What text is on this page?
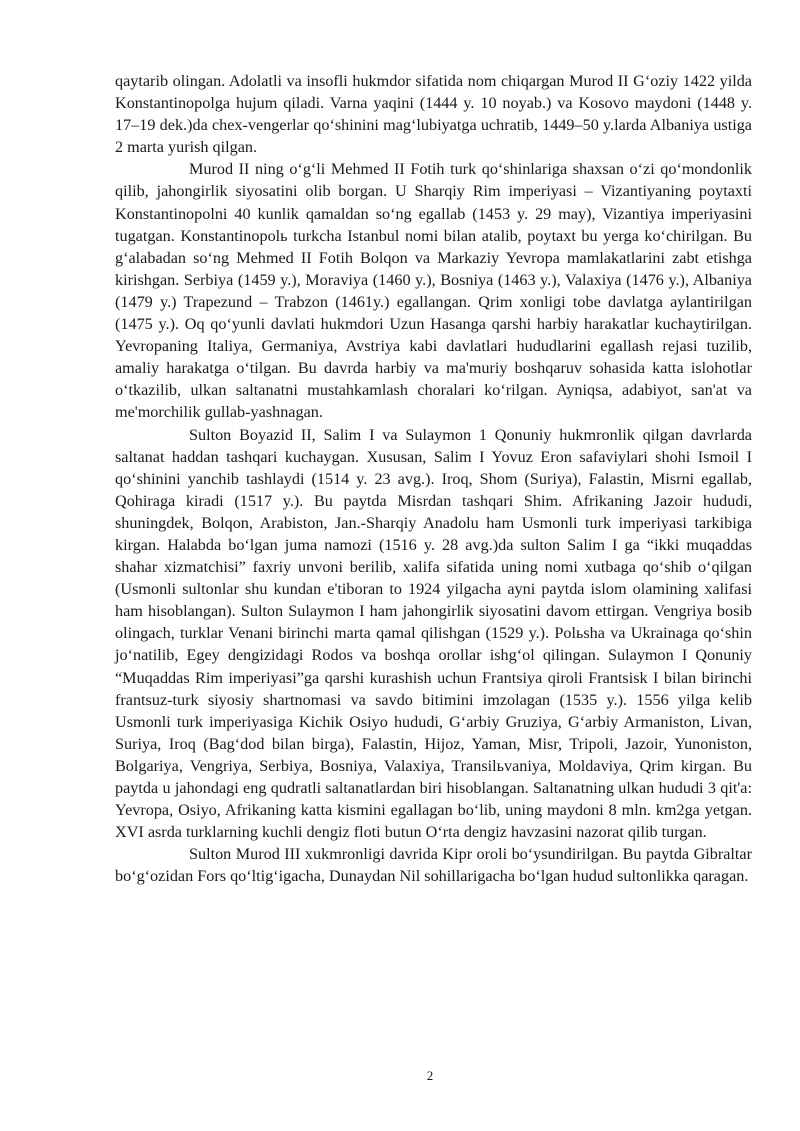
qaytarib olingan. Adolatli va insofli hukmdor sifatida nom chiqargan Murod II G‘oziy 1422 yilda Konstantinopolga hujum qiladi. Varna yaqini (1444 y. 10 noyab.) va Kosovo maydoni (1448 y. 17–19 dek.)da chex-vengerlar qo‘shinini mag‘lubiyatga uchratib, 1449–50 y.larda Albaniya ustiga 2 marta yurish qilgan.

Murod II ning o‘g‘li Mehmed II Fotih turk qo‘shinlariga shaxsan o‘zi qo‘mondonlik qilib, jahongirlik siyosatini olib borgan. U Sharqiy Rim imperiyasi – Vizantiyaning poytaxti Konstantinopolni 40 kunlik qamaldan so‘ng egallab (1453 y. 29 may), Vizantiya imperiyasini tugatgan. Konstantinopolь turkcha Istanbul nomi bilan atalib, poytaxt bu yerga ko‘chirilgan. Bu g‘alabadan so‘ng Mehmed II Fotih Bolqon va Markaziy Yevropa mamlakatlarini zabt etishga kirishgan. Serbiya (1459 y.), Moraviya (1460 y.), Bosniya (1463 y.), Valaxiya (1476 y.), Albaniya (1479 y.) Trapezund – Trabzon (1461y.) egallangan. Qrim xonligi tobe davlatga aylantirilgan (1475 y.). Oq qo‘yunli davlati hukmdori Uzun Hasanga qarshi harbiy harakatlar kuchaytirilgan. Yevropaning Italiya, Germaniya, Avstriya kabi davlatlari hududlarini egallash rejasi tuzilib, amaliy harakatga o‘tilgan. Bu davrda harbiy va ma'muriy boshqaruv sohasida katta islohotlar o‘tkazilib, ulkan saltanatni mustahkamlash choralari ko‘rilgan. Ayniqsa, adabiyot, san'at va me'morchilik gullab-yashnagan.

Sulton Boyazid II, Salim I va Sulaymon 1 Qonuniy hukmronlik qilgan davrlarda saltanat haddan tashqari kuchaygan. Xususan, Salim I Yovuz Eron safaviylari shohi Ismoil I qo‘shinini yanchib tashlaydi (1514 y. 23 avg.). Iroq, Shom (Suriya), Falastin, Misrni egallab, Qohiraga kiradi (1517 y.). Bu paytda Misrdan tashqari Shim. Afrikaning Jazoir hududi, shuningdek, Bolqon, Arabiston, Jan.-Sharqiy Anadolu ham Usmonli turk imperiyasi tarkibiga kirgan. Halabda bo‘lgan juma namozi (1516 y. 28 avg.)da sulton Salim I ga “ikki muqaddas shahar xizmatchisi” faxriy unvoni berilib, xalifa sifatida uning nomi xutbaga qo‘shib o‘qilgan (Usmonli sultonlar shu kundan e'tiboran to 1924 yilgacha ayni paytda islom olamining xalifasi ham hisoblangan). Sulton Sulaymon I ham jahongirlik siyosatini davom ettirgan. Vengriya bosib olingach, turklar Venani birinchi marta qamal qilishgan (1529 y.). Polьsha va Ukrainaga qo‘shin jo‘natilib, Egey dengizidagi Rodos va boshqa orollar ishg‘ol qilingan. Sulaymon I Qonuniy “Muqaddas Rim imperiyasi”ga qarshi kurashish uchun Frantsiya qiroli Frantsisk I bilan birinchi frantsuz-turk siyosiy shartnomasi va savdo bitimini imzolagan (1535 y.). 1556 yilga kelib Usmonli turk imperiyasiga Kichik Osiyo hududi, G‘arbiy Gruziya, G‘arbiy Armaniston, Livan, Suriya, Iroq (Bag‘dod bilan birga), Falastin, Hijoz, Yaman, Misr, Tripoli, Jazoir, Yunoniston, Bolgariya, Vengriya, Serbiya, Bosniya, Valaxiya, Transilьvaniya, Moldaviya, Qrim kirgan. Bu paytda u jahondagi eng qudratli saltanatlardan biri hisoblangan. Saltanatning ulkan hududi 3 qit'a: Yevropa, Osiyo, Afrikaning katta kismini egallagan bo‘lib, uning maydoni 8 mln. km2ga yetgan. XVI asrda turklarning kuchli dengiz floti butun O‘rta dengiz havzasini nazorat qilib turgan.

Sulton Murod III xukmronligi davrida Kipr oroli bo‘ysundirilgan. Bu paytda Gibraltar bo‘g‘ozidan Fors qo‘ltig‘igacha, Dunaydan Nil sohillarigacha bo‘lgan hudud sultonlikka qaragan.

2
